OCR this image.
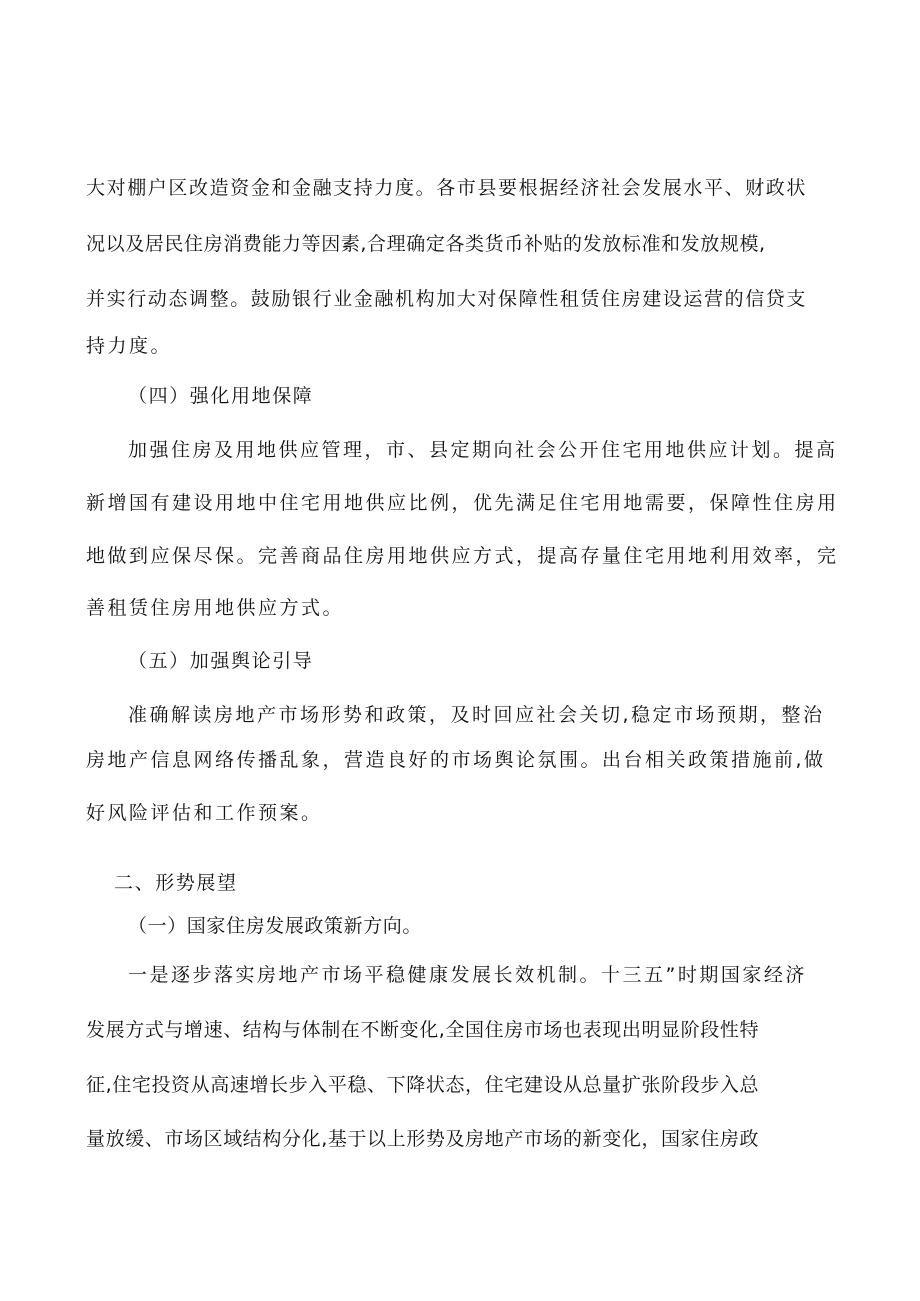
大对棚户区改造资金和金融支持力度。各市县要根据经济社会发展水平、财政状
况以及居民住房消费能力等因素,合理确定各类货币补贴的发放标准和发放规模,
并实行动态调整。鼓励银行业金融机构加大对保障性租赁住房建设运营的信贷支
持力度。
（四）强化用地保障
加强住房及用地供应管理，市、县定期向社会公开住宅用地供应计划。提高
新增国有建设用地中住宅用地供应比例，优先满足住宅用地需要，保障性住房用
地做到应保尽保。完善商品住房用地供应方式，提高存量住宅用地利用效率，完
善租赁住房用地供应方式。
（五）加强舆论引导
准确解读房地产市场形势和政策，及时回应社会关切,稳定市场预期，整治
房地产信息网络传播乱象，营造良好的市场舆论氛围。出台相关政策措施前,做
好风险评估和工作预案。
二、形势展望
（一）国家住房发展政策新方向。
一是逐步落实房地产市场平稳健康发展长效机制。十三五”时期国家经济
发展方式与增速、结构与体制在不断变化,全国住房市场也表现出明显阶段性特
征,住宅投资从高速增长步入平稳、下降状态，住宅建设从总量扩张阶段步入总
量放缓、市场区域结构分化,基于以上形势及房地产市场的新变化，国家住房政
